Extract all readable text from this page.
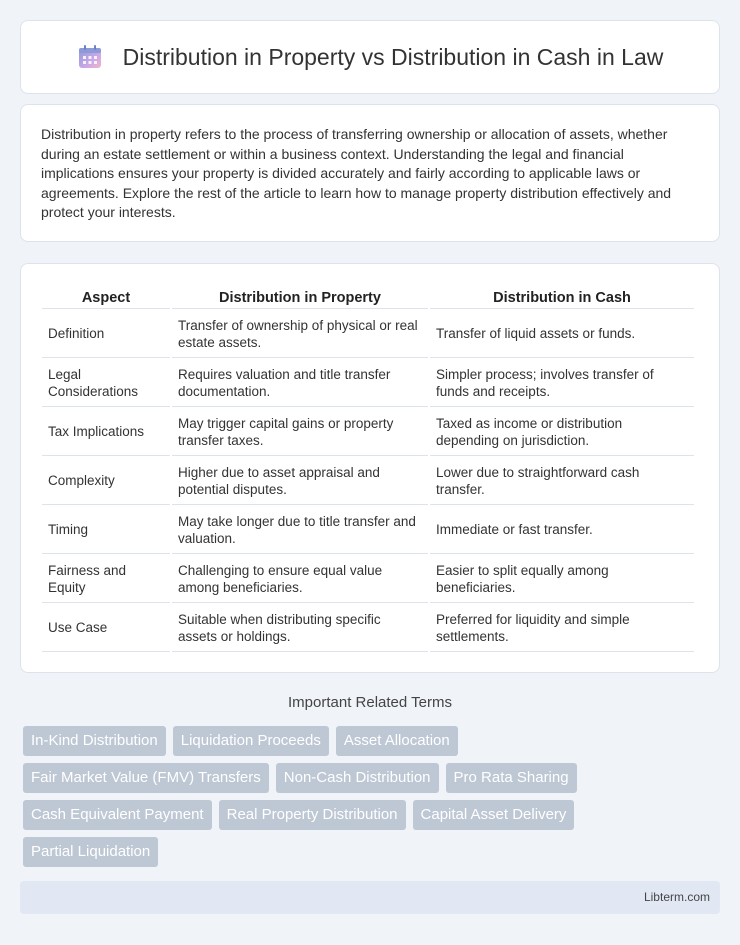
Distribution in Property vs Distribution in Cash in Law

Distribution in property refers to the process of transferring ownership or allocation of assets, whether during an estate settlement or within a business context. Understanding the legal and financial implications ensures your property is divided accurately and fairly according to applicable laws or agreements. Explore the rest of the article to learn how to manage property distribution effectively and protect your interests.

Aspect	Distribution in Property	Distribution in Cash
Definition	Transfer of ownership of physical or real estate assets.	Transfer of liquid assets or funds.
Legal Considerations	Requires valuation and title transfer documentation.	Simpler process; involves transfer of funds and receipts.
Tax Implications	May trigger capital gains or property transfer taxes.	Taxed as income or distribution depending on jurisdiction.
Complexity	Higher due to asset appraisal and potential disputes.	Lower due to straightforward cash transfer.
Timing	May take longer due to title transfer and valuation.	Immediate or fast transfer.
Fairness and Equity	Challenging to ensure equal value among beneficiaries.	Easier to split equally among beneficiaries.
Use Case	Suitable when distributing specific assets or holdings.	Preferred for liquidity and simple settlements.
Important Related Terms
In-Kind Distribution	Liquidation Proceeds	Asset Allocation
Fair Market Value (FMV) Transfers	Non-Cash Distribution	Pro Rata Sharing
Cash Equivalent Payment	Real Property Distribution	Capital Asset Delivery
Partial Liquidation
Libterm.com
